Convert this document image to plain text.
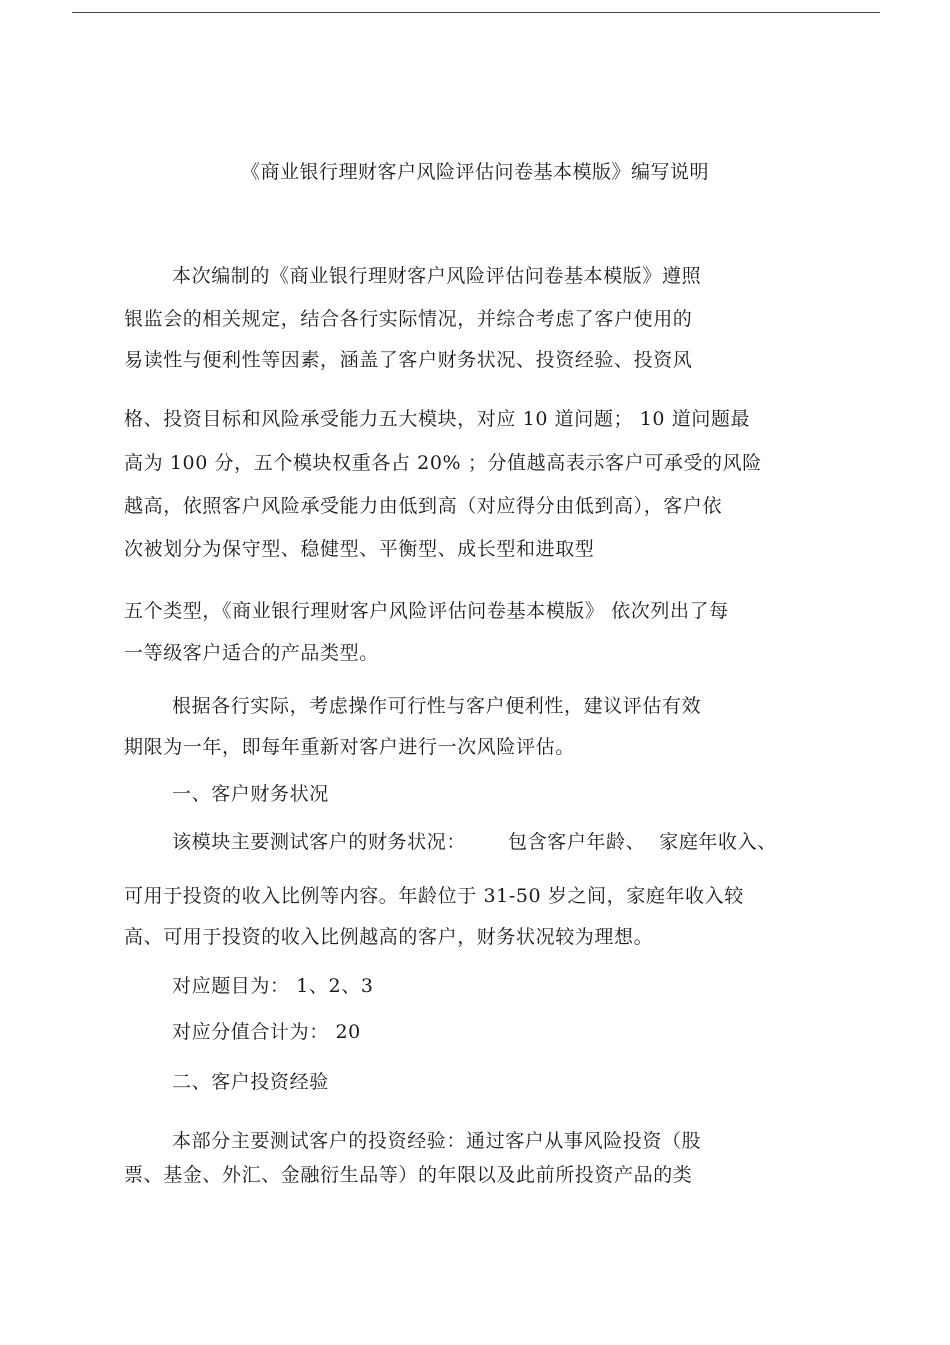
《商业银行理财客户风险评估问卷基本模版》编写说明
本次编制的《商业银行理财客户风险评估问卷基本模版》遵照
银监会的相关规定，结合各行实际情况，并综合考虑了客户使用的
易读性与便利性等因素，涵盖了客户财务状况、投资经验、投资风
格、投资目标和风险承受能力五大模块，对应 10 道问题； 10 道问题最
高为 100 分，五个模块权重各占 20% ；分值越高表示客户可承受的风险
越高，依照客户风险承受能力由低到高（对应得分由低到高），客户依
次被划分为保守型、稳健型、平衡型、成长型和进取型
五个类型，《商业银行理财客户风险评估问卷基本模版》 依次列出了每
一等级客户适合的产品类型。
根据各行实际，考虑操作可行性与客户便利性，建议评估有效
期限为一年，即每年重新对客户进行一次风险评估。
一、客户财务状况
该模块主要测试客户的财务状况： 包含客户年龄、 家庭年收入、
可用于投资的收入比例等内容。年龄位于 31-50 岁之间，家庭年收入较
高、可用于投资的收入比例越高的客户，财务状况较为理想。
对应题目为： 1、2、3
对应分值合计为： 20
二、客户投资经验
本部分主要测试客户的投资经验：通过客户从事风险投资（股
票、基金、外汇、金融衍生品等）的年限以及此前所投资产品的类
